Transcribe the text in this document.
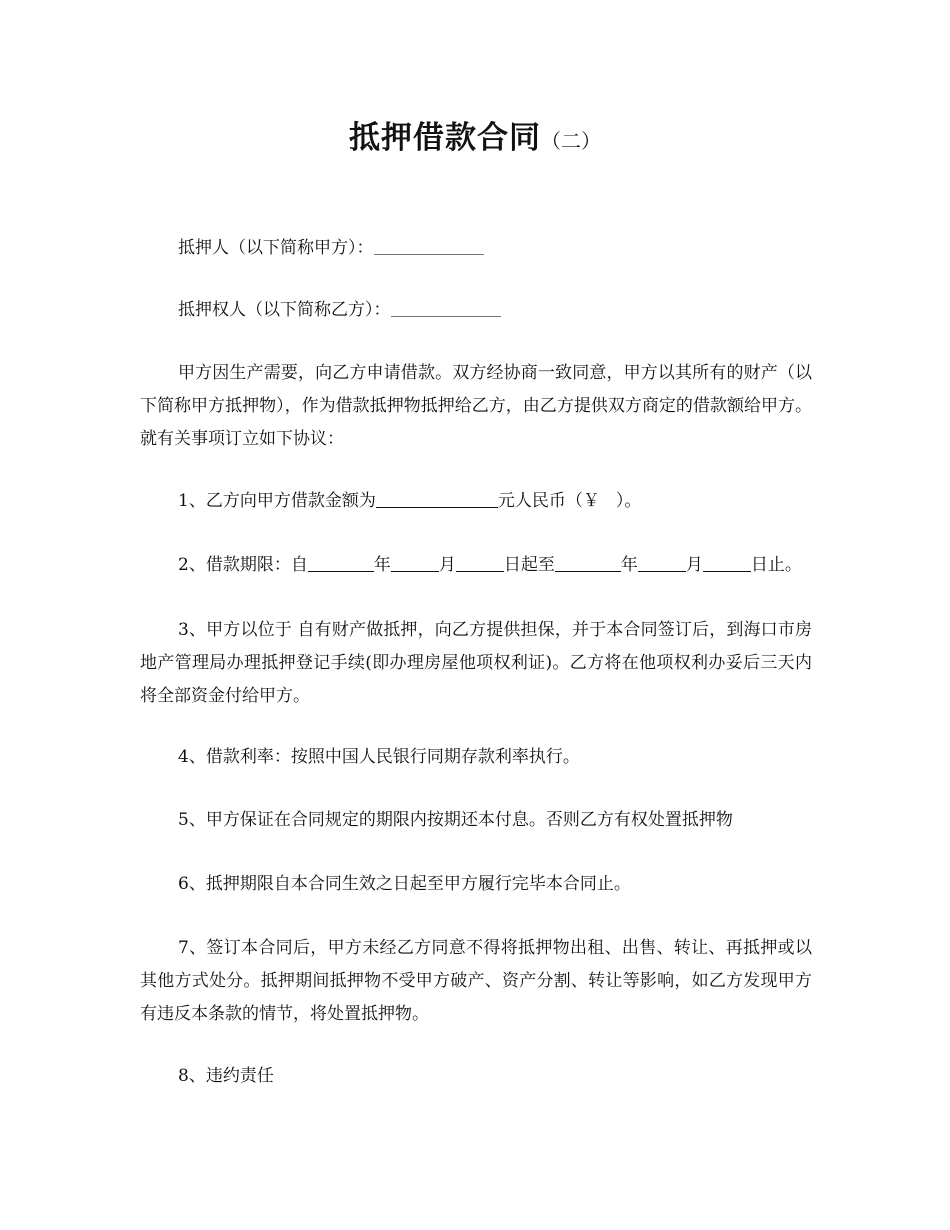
抵押借款合同（二）
抵押人（以下简称甲方）：
抵押权人（以下简称乙方）：
甲方因生产需要，向乙方申请借款。双方经协商一致同意，甲方以其所有的财产（以下简称甲方抵押物），作为借款抵押物抵押给乙方，由乙方提供双方商定的借款额给甲方。就有关事项订立如下协议：
1、乙方向甲方借款金额为	元人民币（￥ ）。
2、借款期限：自	年	月	日起至	年	月	日止。
3、甲方以位于 自有财产做抵押，向乙方提供担保，并于本合同签订后，到海口市房地产管理局办理抵押登记手续(即办理房屋他项权利证)。乙方将在他项权利办妥后三天内将全部资金付给甲方。
4、借款利率：按照中国人民银行同期存款利率执行。
5、甲方保证在合同规定的期限内按期还本付息。否则乙方有权处置抵押物
6、抵押期限自本合同生效之日起至甲方履行完毕本合同止。
7、签订本合同后，甲方未经乙方同意不得将抵押物出租、出售、转让、再抵押或以其他方式处分。抵押期间抵押物不受甲方破产、资产分割、转让等影响，如乙方发现甲方有违反本条款的情节，将处置抵押物。
8、违约责任
